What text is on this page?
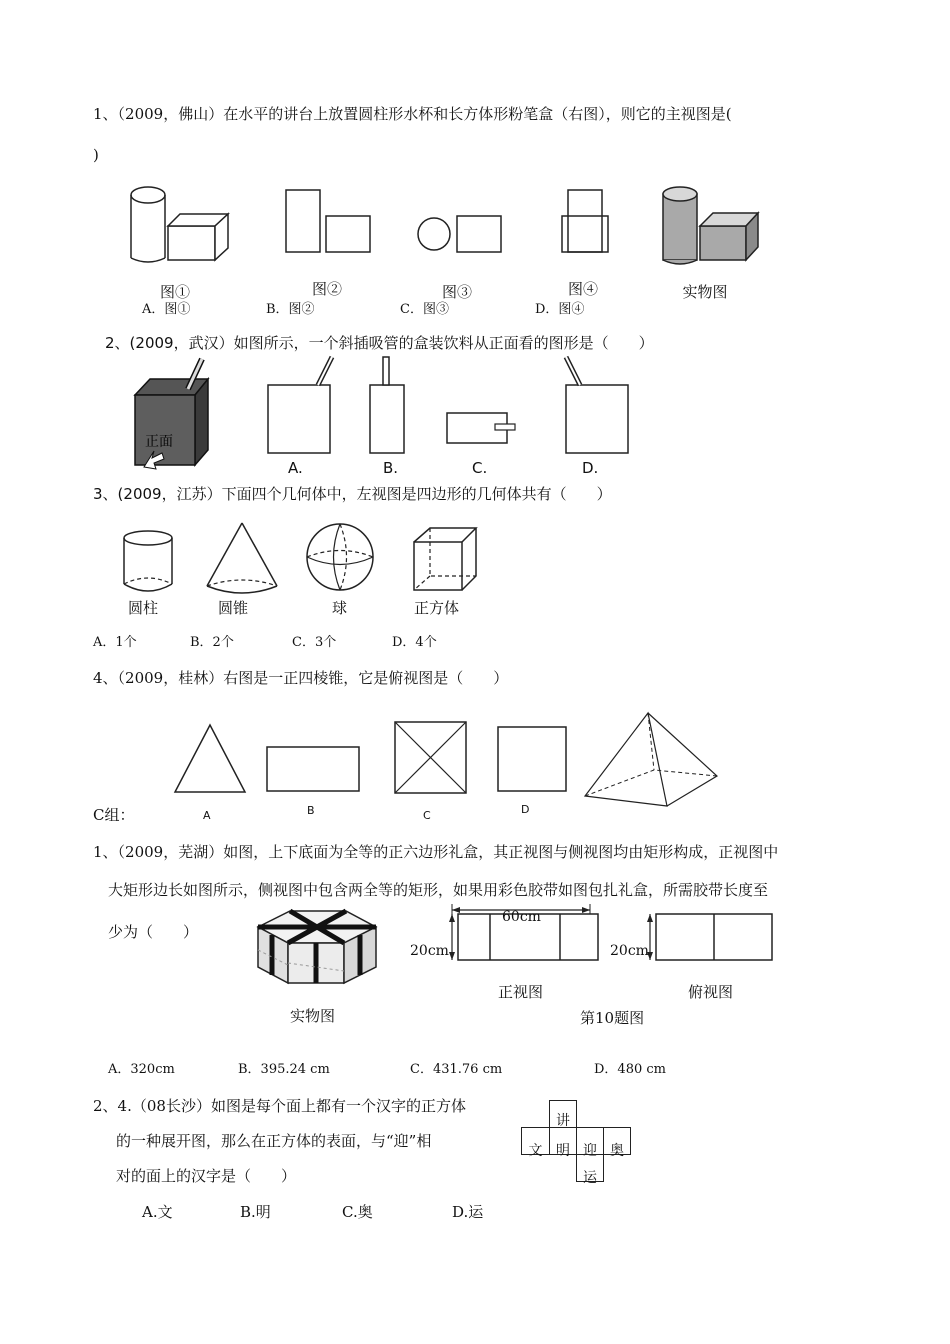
1、（2009，佛山）在水平的讲台上放置圆柱形水杯和长方体形粉笔盒（右图），则它的主视图是(
)
图①	图②	图③	图④	实物图
A．图①	B．图②	C．图③	D．图④
2、(2009，武汉）如图所示，一个斜插吸管的盒装饮料从正面看的图形是（　　）
正面
A.	B.	C.	D.
3、(2009，江苏）下面四个几何体中，左视图是四边形的几何体共有（　　）
圆柱	圆锥	球	正方体
A．1个	B．2个	C．3个	D．4个
4、（2009，桂林）右图是一正四棱锥，它是俯视图是（　　）
A	B	C	D
C组：
1、（2009，芜湖）如图，上下底面为全等的正六边形礼盒，其正视图与侧视图均由矩形构成，正视图中
大矩形边长如图所示，侧视图中包含两全等的矩形，如果用彩色胶带如图包扎礼盒，所需胶带长度至
少为（　　）
60cm
20cm	20cm
正视图	俯视图
实物图	第10题图
A．320cm	B．395.24 cm	C．431.76 cm	D．480 cm
2、4.（08长沙）如图是每个面上都有一个汉字的正方体
的一种展开图，那么在正方体的表面，与“迎”相
对的面上的汉字是（　　）
讲
文 明 迎 奥
运
A.文	B.明	C.奥	D.运
